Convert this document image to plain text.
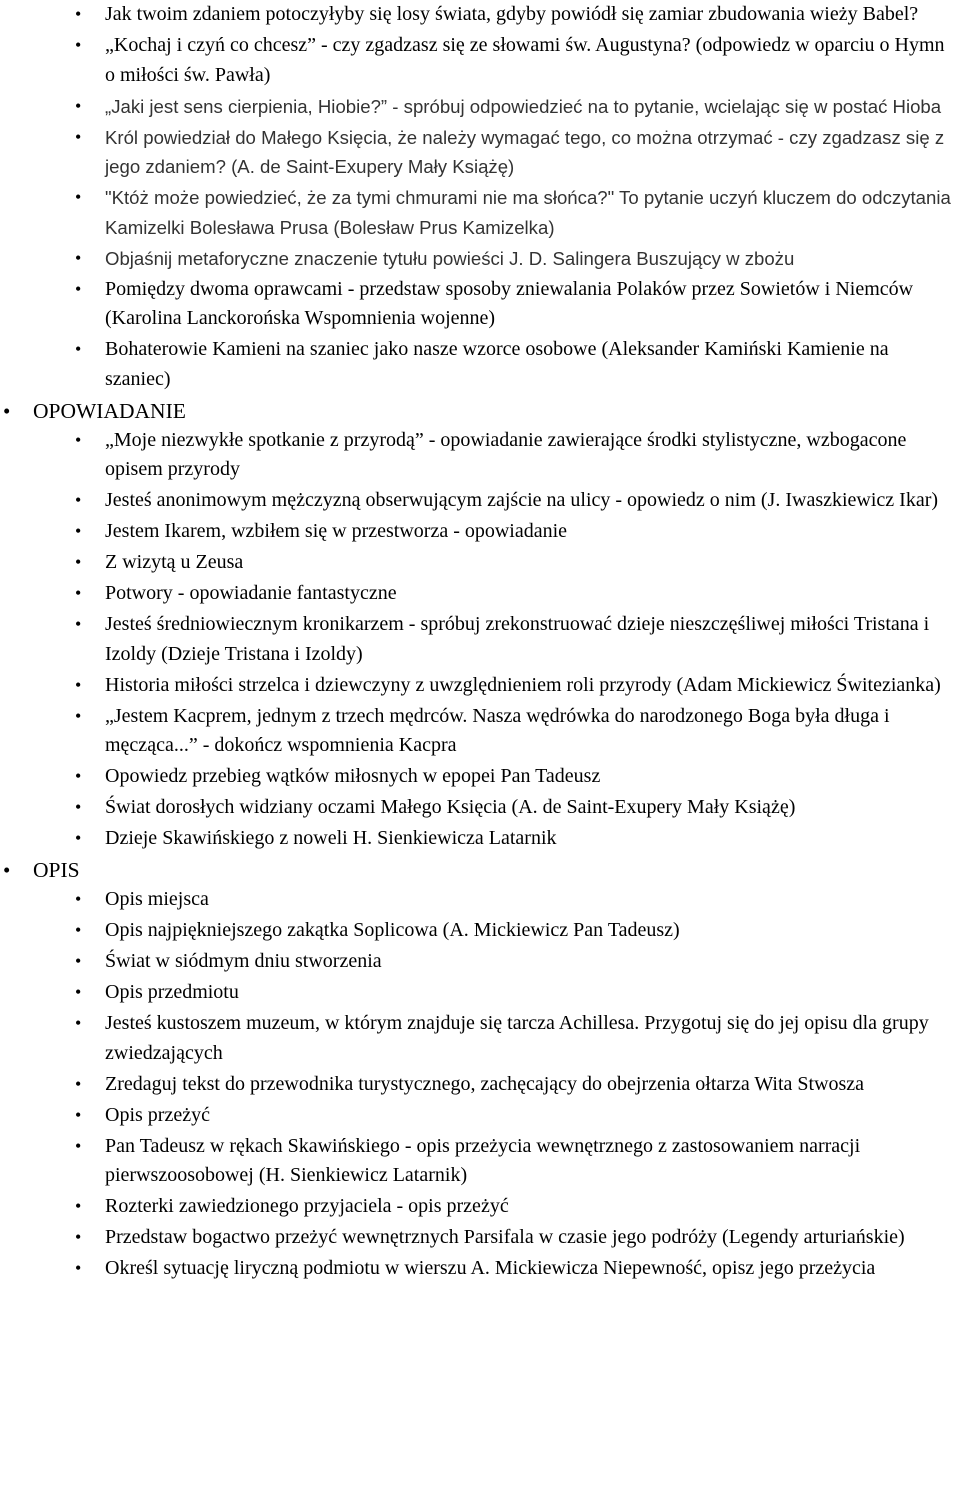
• Jak twoim zdaniem potoczyłyby się losy świata, gdyby powiódł się zamiar zbudowania wieży Babel?
• „Kochaj i czyń co chcesz” - czy zgadzasz się ze słowami św. Augustyna? (odpowiedz w oparciu o Hymn o miłości św. Pawła)
• „Jaki jest sens cierpienia, Hiobie?” - spróbuj odpowiedzieć na to pytanie, wcielając się w postać Hioba
• Król powiedział do Małego Księcia, że należy wymagać tego, co można otrzymać - czy zgadzasz się z jego zdaniem? (A. de Saint-Exupery Mały Książę)
• "Któż może powiedzieć, że za tymi chmurami nie ma słońca?" To pytanie uczyń kluczem do odczytania Kamizelki Bolesława Prusa (Bolesław Prus Kamizelka)
• Objaśnij metaforyczne znaczenie tytułu powieści J. D. Salingera Buszujący w zbożu
• Pomiędzy dwoma oprawcami - przedstaw sposoby zniewalania Polaków przez Sowietów i Niemców (Karolina Lanckorońska Wspomnienia wojenne)
• Bohaterowie Kamieni na szaniec jako nasze wzorce osobowe (Aleksander Kamiński Kamienie na szaniec)
• OPOWIADANIE
• „Moje niezwykłe spotkanie z przyrodą” - opowiadanie zawierające środki stylistyczne, wzbogacone opisem przyrody
• Jesteś anonimowym mężczyzną obserwującym zajście na ulicy - opowiedz o nim (J. Iwaszkiewicz Ikar)
• Jestem Ikarem, wzbiłem się w przestworza - opowiadanie
• Z wizytą u Zeusa
• Potwory - opowiadanie fantastyczne
• Jesteś średniowiecznym kronikarzem - spróbuj zrekonstruować dzieje nieszczęśliwej miłości Tristana i Izoldy (Dzieje Tristana i Izoldy)
• Historia miłości strzelca i dziewczyny z uwzględnieniem roli przyrody (Adam Mickiewicz Świtezianka)
• „Jestem Kacprem, jednym z trzech mędrców. Nasza wędrówka do narodzonego Boga była długa i męcząca...” - dokończ wspomnienia Kacpra
• Opowiedz przebieg wątków miłosnych w epopei Pan Tadeusz
• Świat dorosłych widziany oczami Małego Księcia (A. de Saint-Exupery Mały Książę)
• Dzieje Skawińskiego z noweli H. Sienkiewicza Latarnik
• OPIS
• Opis miejsca
• Opis najpiękniejszego zakątka Soplicowa (A. Mickiewicz Pan Tadeusz)
• Świat w siódmym dniu stworzenia
• Opis przedmiotu
• Jesteś kustoszem muzeum, w którym znajduje się tarcza Achillesa. Przygotuj się do jej opisu dla grupy zwiedzających
• Zredaguj tekst do przewodnika turystycznego, zachęcający do obejrzenia ołtarza Wita Stwosza
• Opis przeżyć
• Pan Tadeusz w rękach Skawińskiego - opis przeżycia wewnętrznego z zastosowaniem narracji pierwszoosobowej (H. Sienkiewicz Latarnik)
• Rozterki zawiedzionego przyjaciela - opis przeżyć
• Przedstaw bogactwo przeżyć wewnętrznych Parsifala w czasie jego podróży (Legendy arturiańskie)
• Określ sytuację liryczną podmiotu w wierszu A. Mickiewicza Niepewność, opisz jego przeżycia
